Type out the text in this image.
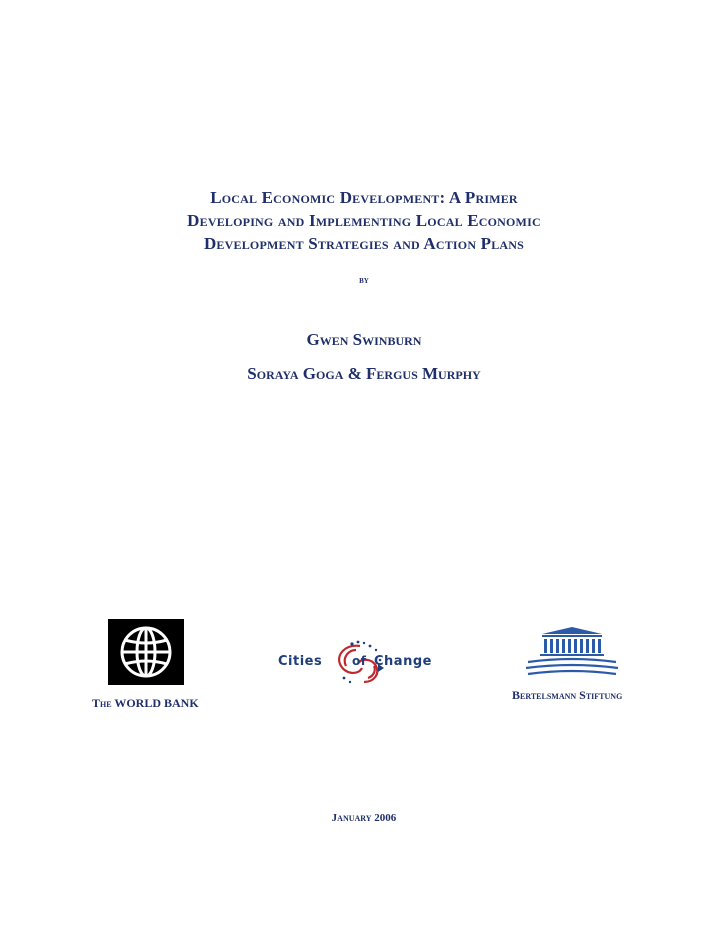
Local Economic Development: A Primer
Developing and Implementing Local Economic
Development Strategies and Action Plans
by
Gwen Swinburn
Soraya Goga & Fergus Murphy
The WORLD BANK
Cities of Change
Bertelsmann Stiftung
January 2006
